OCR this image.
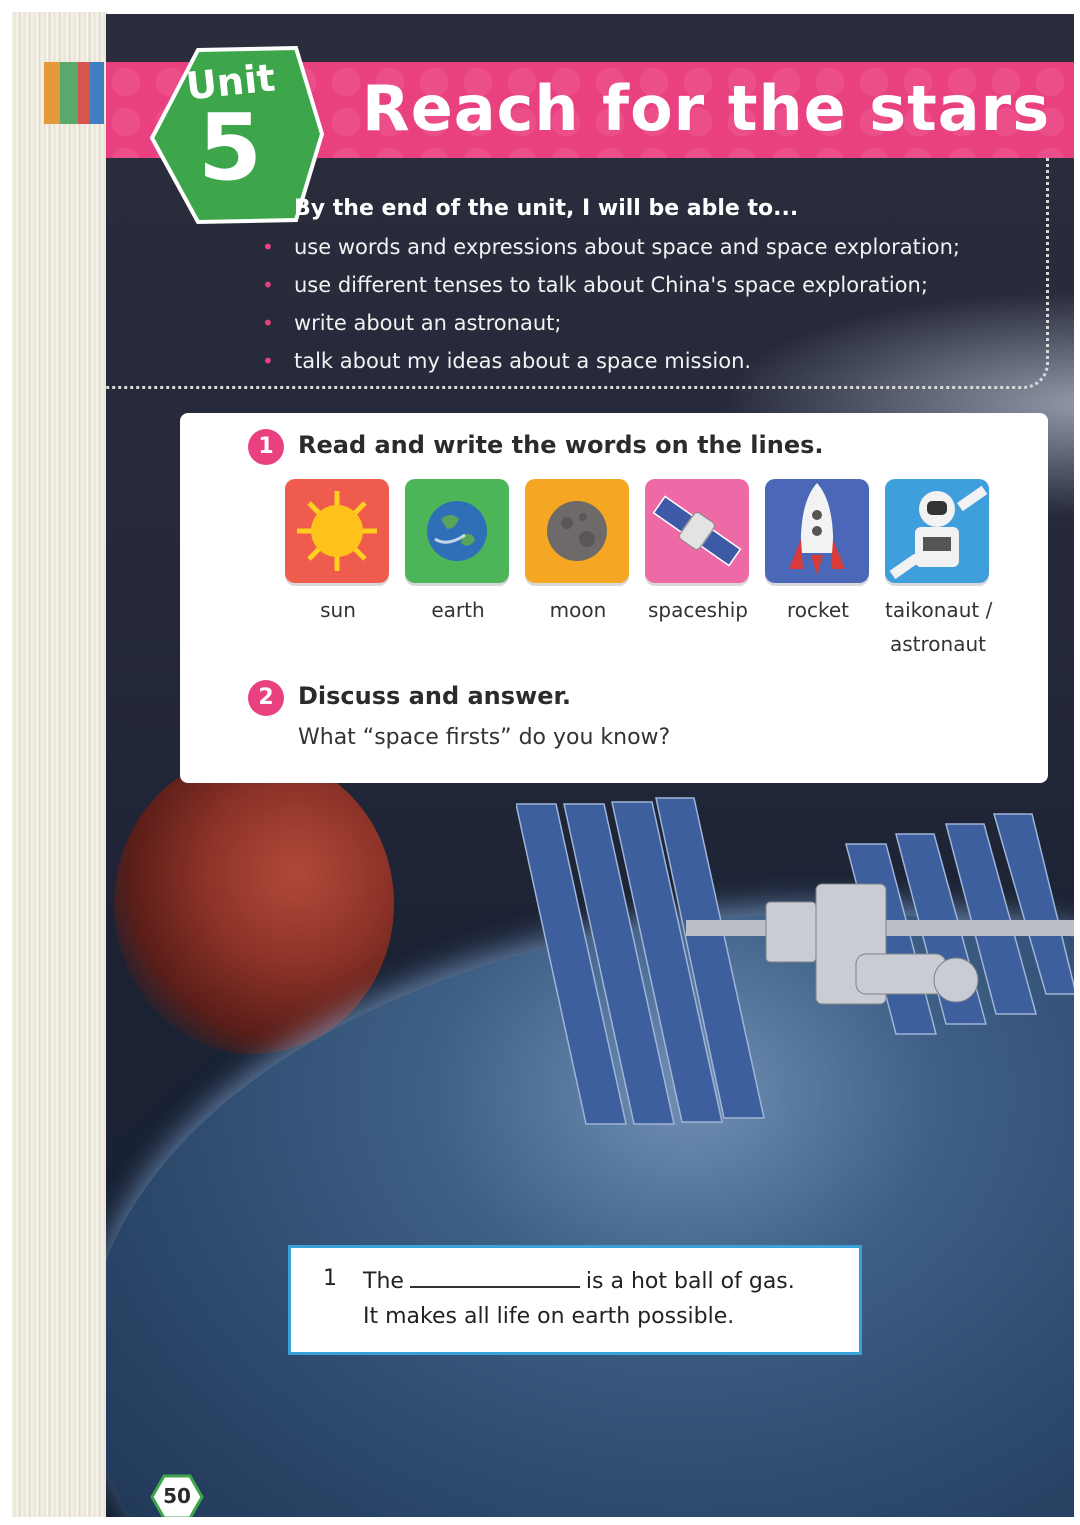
Reach for the stars
Unit
5
By the end of the unit, I will be able to...
• use words and expressions about space and space exploration;
• use different tenses to talk about China's space exploration;
• write about an astronaut;
• talk about my ideas about a space mission.
1	Read and write the words on the lines.
sun	earth	moon	spaceship	rocket	taikonaut /
astronaut
2	Discuss and answer.
What “space firsts” do you know?
1 The	is a hot ball of gas.
It makes all life on earth possible.
50
